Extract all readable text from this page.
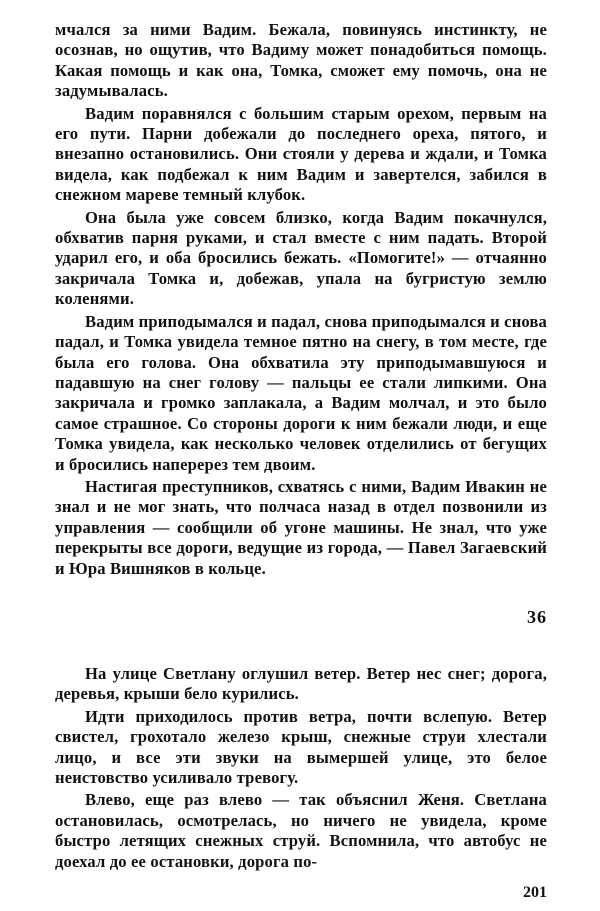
мчался за ними Вадим. Бежала, повинуясь инстинкту, не осознав, но ощутив, что Вадиму может понадобиться помощь. Какая помощь и как она, Томка, сможет ему помочь, она не задумывалась.

Вадим поравнялся с большим старым орехом, первым на его пути. Парни добежали до последнего ореха, пятого, и внезапно остановились. Они стояли у дерева и ждали, и Томка видела, как подбежал к ним Вадим и завертелся, забился в снежном мареве темный клубок.

Она была уже совсем близко, когда Вадим покачнулся, обхватив парня руками, и стал вместе с ним падать. Второй ударил его, и оба бросились бежать. «Помогите!» — отчаянно закричала Томка и, добежав, упала на бугристую землю коленями.

Вадим приподымался и падал, снова приподымался и снова падал, и Томка увидела темное пятно на снегу, в том месте, где была его голова. Она обхватила эту приподымавшуюся и падавшую на снег голову — пальцы ее стали липкими. Она закричала и громко заплакала, а Вадим молчал, и это было самое страшное. Со стороны дороги к ним бежали люди, и еще Томка увидела, как несколько человек отделились от бегущих и бросились наперерез тем двоим.

Настигая преступников, схватясь с ними, Вадим Ивакин не знал и не мог знать, что полчаса назад в отдел позвонили из управления — сообщили об угоне машины. Не знал, что уже перекрыты все дороги, ведущие из города, — Павел Загаевский и Юра Вишняков в кольце.

36

На улице Светлану оглушил ветер. Ветер нес снег; дорога, деревья, крыши бело курились.

Идти приходилось против ветра, почти вслепую. Ветер свистел, грохотало железо крыш, снежные струи хлестали лицо, и все эти звуки на вымершей улице, это белое неистовство усиливало тревогу.

Влево, еще раз влево — так объяснил Женя. Светлана остановилась, осмотрелась, но ничего не увидела, кроме быстро летящих снежных струй. Вспомнила, что автобус не доехал до ее остановки, дорога по-

201
